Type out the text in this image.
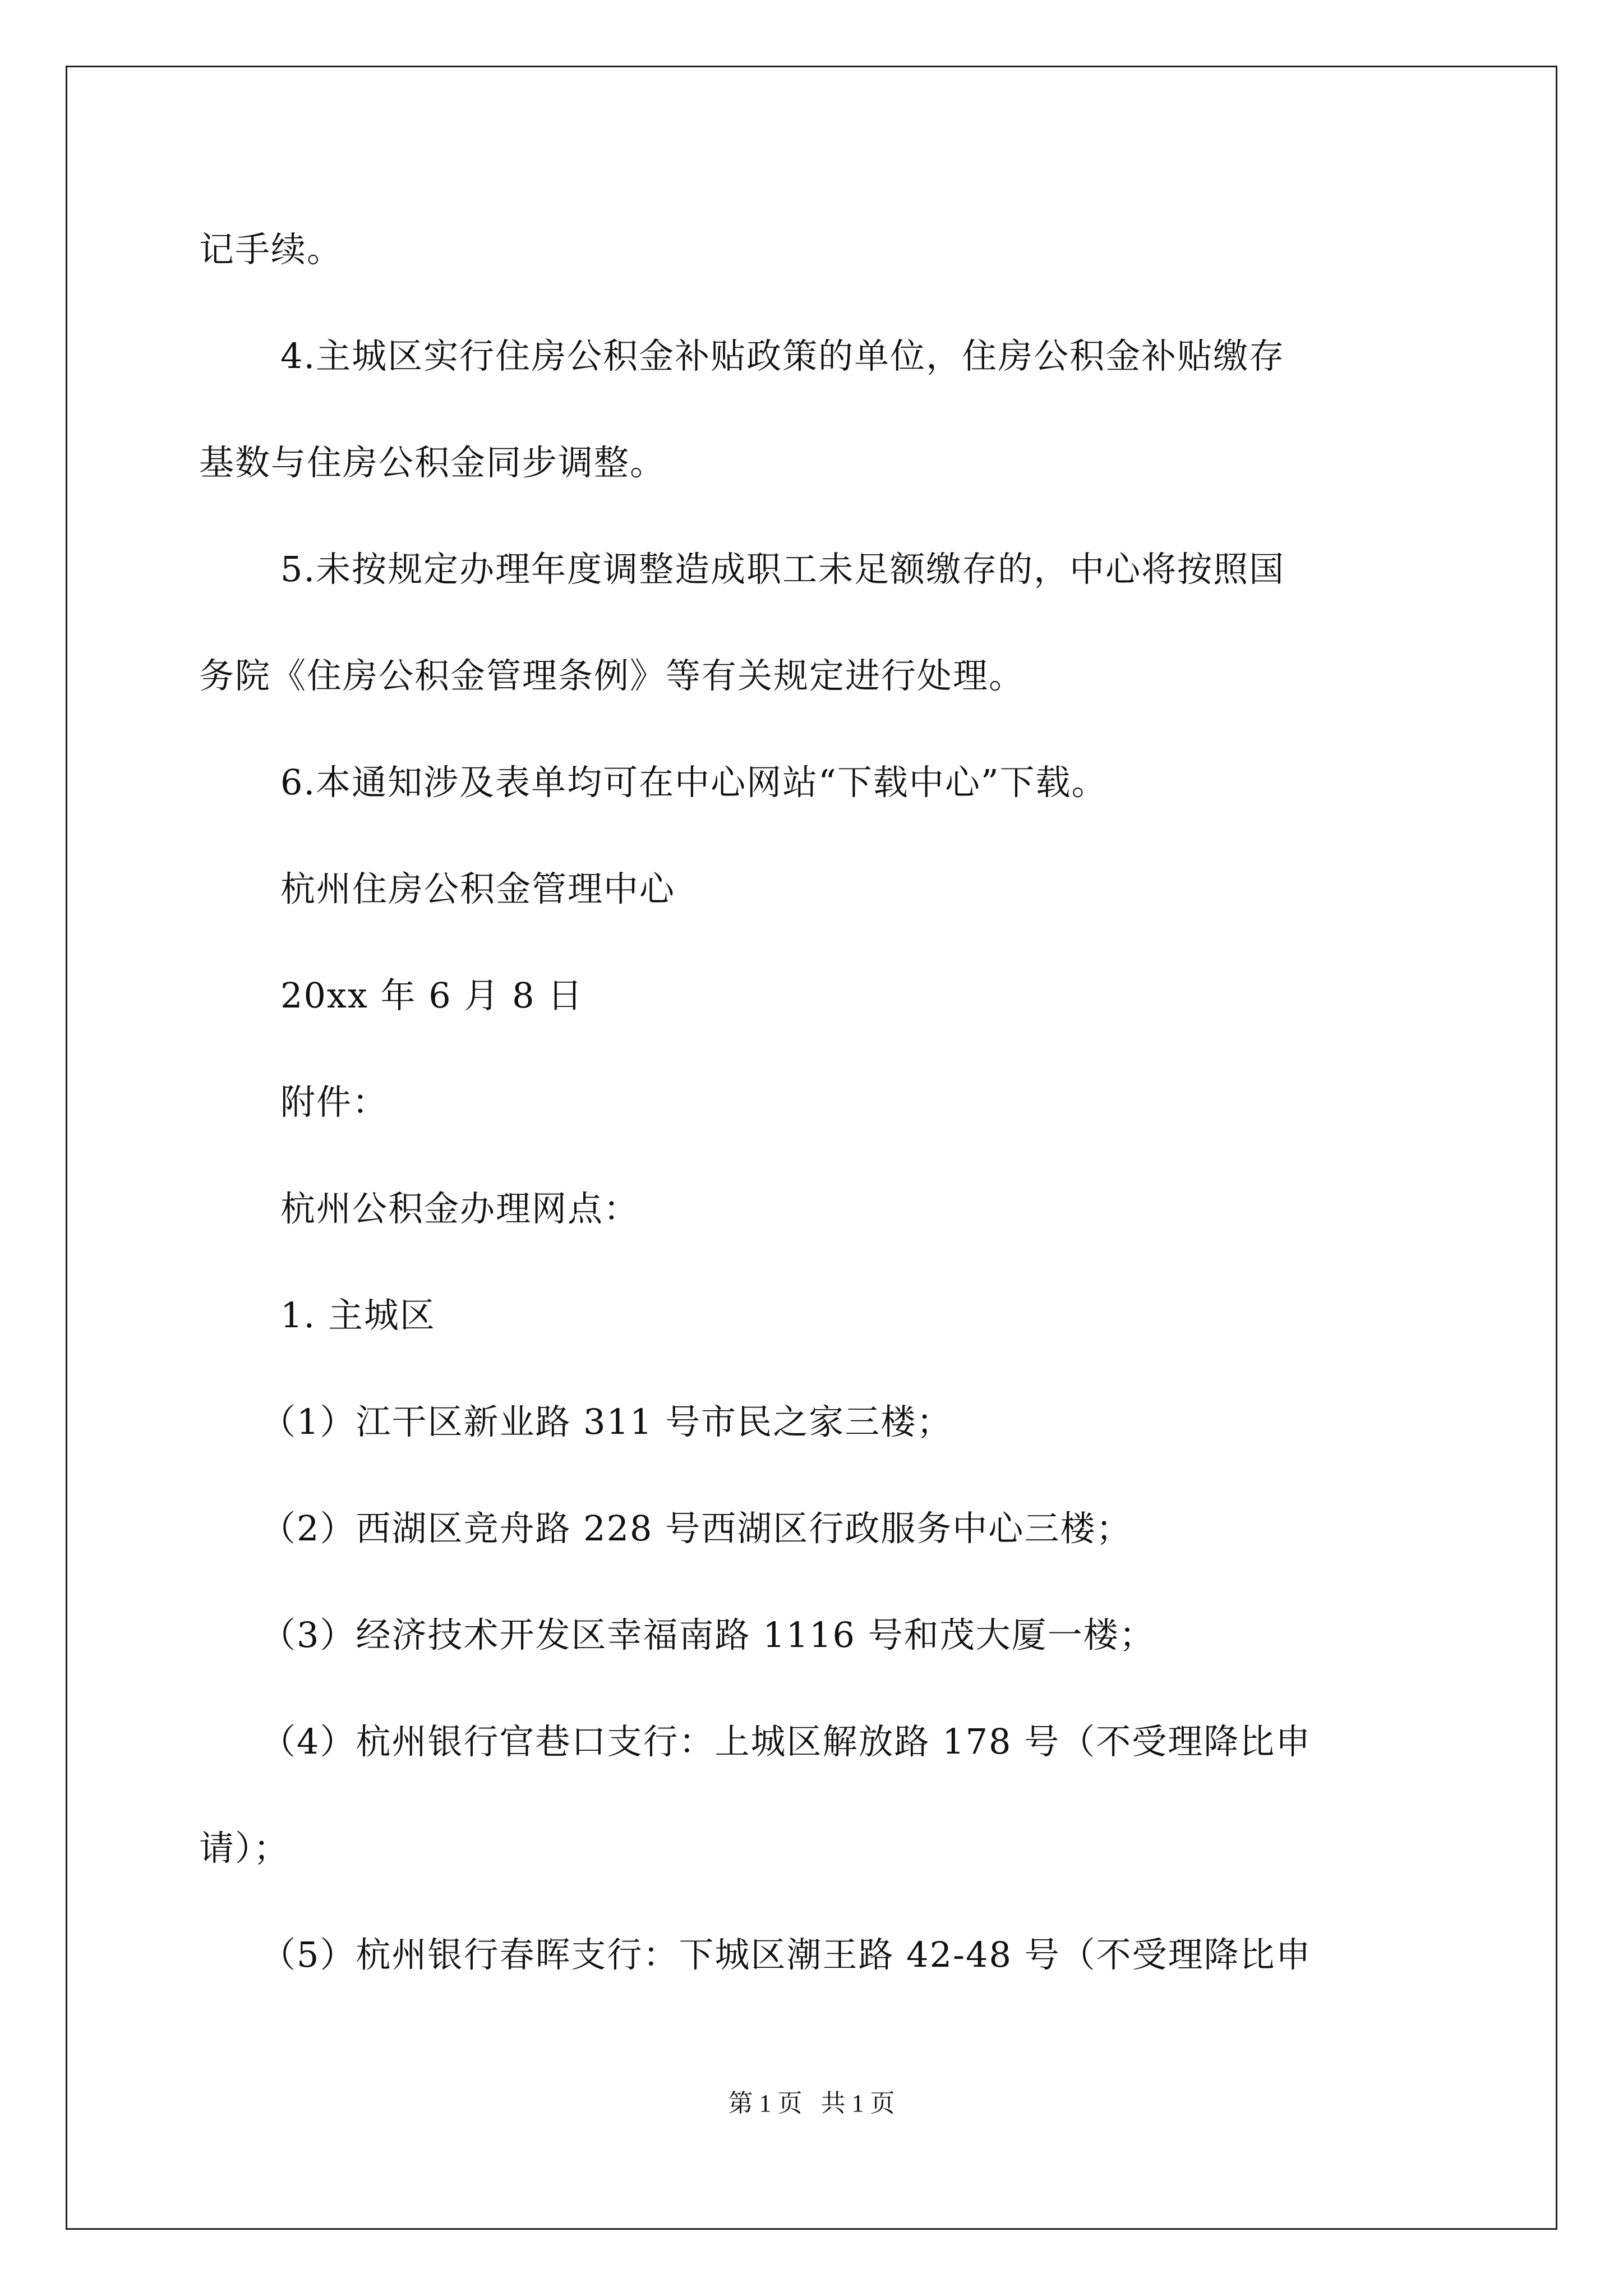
记手续。
4.主城区实行住房公积金补贴政策的单位，住房公积金补贴缴存
基数与住房公积金同步调整。
5.未按规定办理年度调整造成职工未足额缴存的，中心将按照国
务院《住房公积金管理条例》等有关规定进行处理。
6.本通知涉及表单均可在中心网站“下载中心”下载。
杭州住房公积金管理中心
20xx 年 6 月 8 日
附件：
杭州公积金办理网点：
1. 主城区
（1）江干区新业路 311 号市民之家三楼；
（2）西湖区竞舟路 228 号西湖区行政服务中心三楼；
（3）经济技术开发区幸福南路 1116 号和茂大厦一楼；
（4）杭州银行官巷口支行：上城区解放路 178 号（不受理降比申
请）；
（5）杭州银行春晖支行：下城区潮王路 42-48 号（不受理降比申
第 1 页   共 1 页
